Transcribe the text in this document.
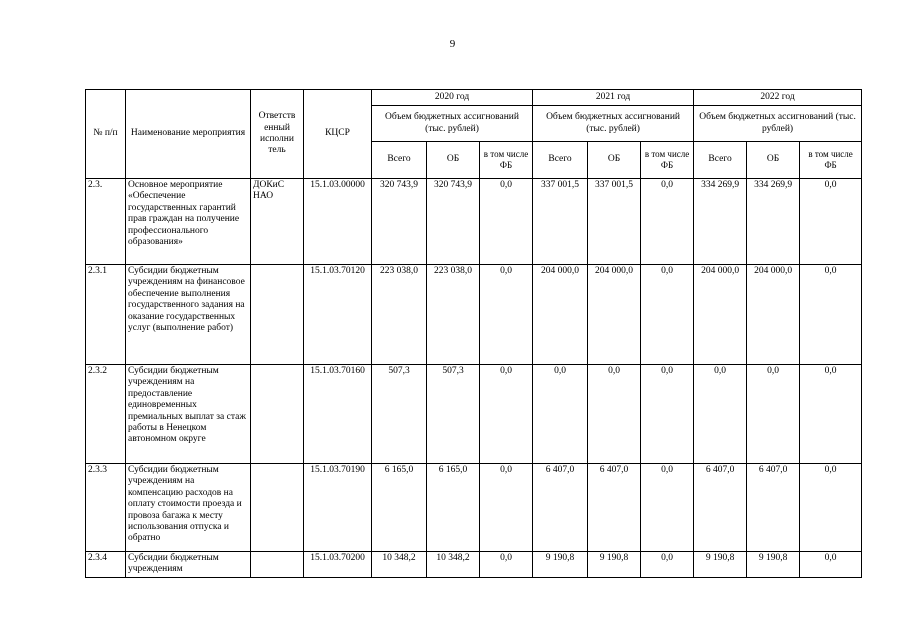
9
№ п/п	Наименование мероприятия	Ответств енный исполни тель	КЦСР	2020 год			2021 год			2022 год		
				Объем бюджетных ассигнований (тыс. рублей)			Объем бюджетных ассигнований (тыс. рублей)			Объем бюджетных ассигнований (тыс. рублей)		
				Всего	ОБ	в том числе ФБ	Всего	ОБ	в том числе ФБ	Всего	ОБ	в том числе ФБ
2.3.	Основное мероприятие «Обеспечение государственных гарантий прав граждан на получение профессионального образования»	ДОКиС НАО	15.1.03.00000	320 743,9	320 743,9	0,0	337 001,5	337 001,5	0,0	334 269,9	334 269,9	0,0
2.3.1	Субсидии бюджетным учреждениям на финансовое обеспечение выполнения государственного задания на оказание государственных услуг (выполнение работ)		15.1.03.70120	223 038,0	223 038,0	0,0	204 000,0	204 000,0	0,0	204 000,0	204 000,0	0,0
2.3.2	Субсидии бюджетным учреждениям на предоставление единовременных премиальных выплат за стаж работы в Ненецком автономном округе		15.1.03.70160	507,3	507,3	0,0	0,0	0,0	0,0	0,0	0,0	0,0
2.3.3	Субсидии бюджетным учреждениям на компенсацию расходов на оплату стоимости проезда и провоза багажа к месту использования отпуска и обратно		15.1.03.70190	6 165,0	6 165,0	0,0	6 407,0	6 407,0	0,0	6 407,0	6 407,0	0,0
2.3.4	Субсидии бюджетным учреждениям		15.1.03.70200	10 348,2	10 348,2	0,0	9 190,8	9 190,8	0,0	9 190,8	9 190,8	0,0
